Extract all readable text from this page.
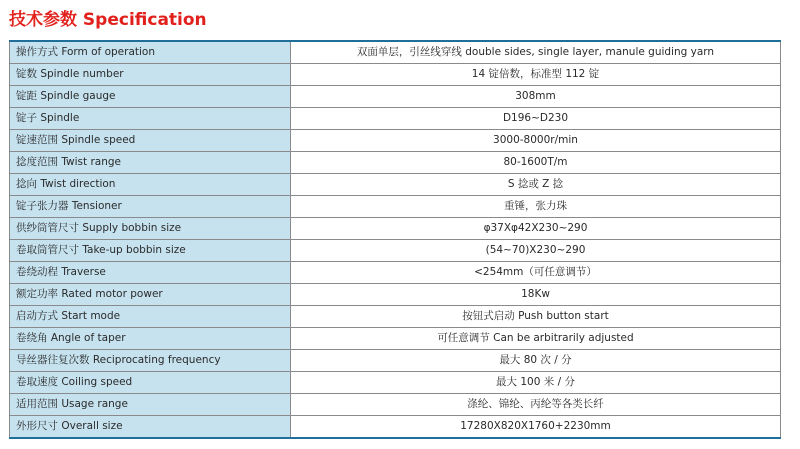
技术参数 Specification
操作方式 Form of operation	双面单层，引丝线穿线 double sides, single layer, manule guiding yarn
锭数 Spindle number	14 锭倍数，标准型 112 锭
锭距 Spindle gauge	308mm
锭子 Spindle	D196~D230
锭速范围 Spindle speed	3000-8000r/min
捻度范围 Twist range	80-1600T/m
捻向 Twist direction	S 捻或 Z 捻
锭子张力器 Tensioner	重锤，张力珠
供纱筒管尺寸 Supply bobbin size	φ37Xφ42X230~290
卷取筒管尺寸 Take-up bobbin size	(54~70)X230~290
卷绕动程 Traverse	<254mm（可任意调节）
额定功率 Rated motor power	18Kw
启动方式 Start mode	按钮式启动 Push button start
卷绕角 Angle of taper	可任意调节 Can be arbitrarily adjusted
导丝器往复次数 Reciprocating frequency	最大 80 次 / 分
卷取速度 Coiling speed	最大 100 米 / 分
适用范围 Usage range	涤纶、锦纶、丙纶等各类长纤
外形尺寸 Overall size	17280X820X1760+2230mm
